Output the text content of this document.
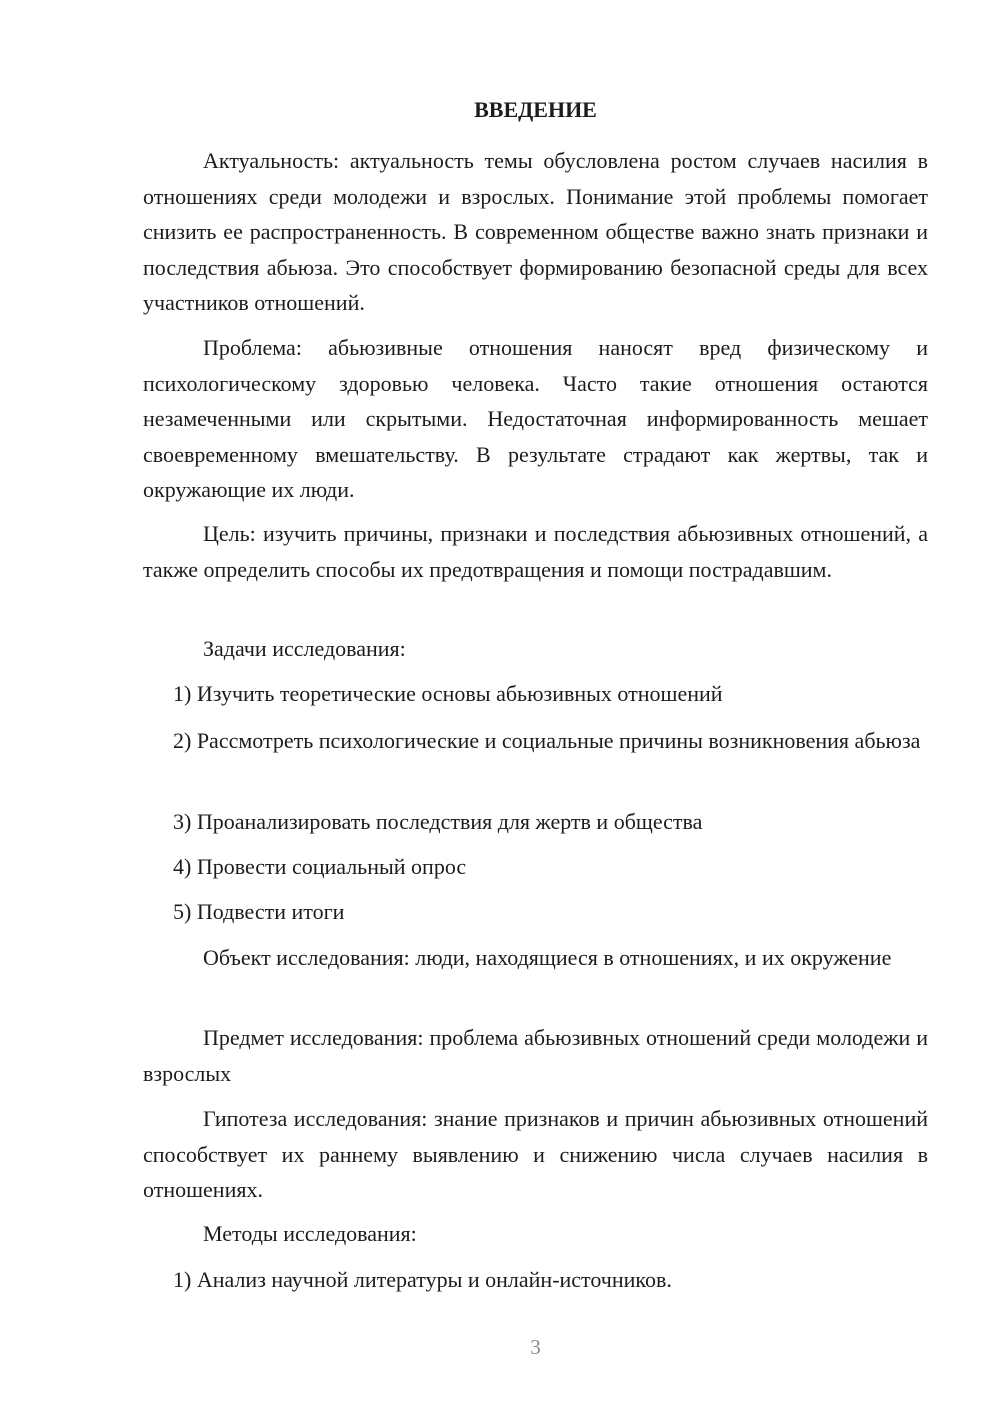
ВВЕДЕНИЕ

Актуальность: актуальность темы обусловлена ростом случаев насилия в отношениях среди молодежи и взрослых. Понимание этой проблемы помогает снизить ее распространенность. В современном обществе важно знать признаки и последствия абьюза. Это способствует формированию безопасной среды для всех участников отношений.

Проблема: абьюзивные отношения наносят вред физическому и психологическому здоровью человека. Часто такие отношения остаются незамеченными или скрытыми. Недостаточная информированность мешает своевременному вмешательству. В результате страдают как жертвы, так и окружающие их люди.

Цель: изучить причины, признаки и последствия абьюзивных отношений, а также определить способы их предотвращения и помощи пострадавшим.

Задачи исследования:

1) Изучить теоретические основы абьюзивных отношений

2) Рассмотреть психологические и социальные причины возникновения абьюза

3) Проанализировать последствия для жертв и общества

4) Провести социальный опрос

5) Подвести итоги

Объект исследования: люди, находящиеся в отношениях, и их окружение

Предмет исследования: проблема абьюзивных отношений среди молодежи и взрослых

Гипотеза исследования: знание признаков и причин абьюзивных отношений способствует их раннему выявлению и снижению числа случаев насилия в отношениях.

Методы исследования:

1) Анализ научной литературы и онлайн-источников.

3
